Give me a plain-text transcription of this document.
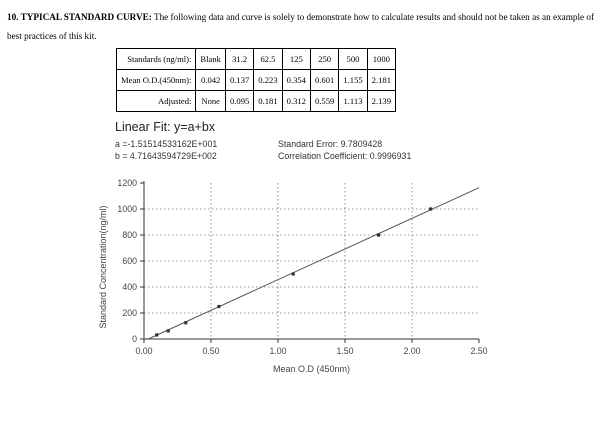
10. TYPICAL STANDARD CURVE: The following data and curve is solely to demonstrate how to calculate results and should not be taken as an example of best practices of this kit.
Standards (ng/ml):	Blank	31.2	62.5	125	250	500	1000
Mean O.D.(450nm):	0.042	0.137	0.223	0.354	0.601	1.155	2.181
Adjusted:	None	0.095	0.181	0.312	0.559	1.113	2.139
Linear Fit: y=a+bx
a =-1.51514533162E+001
b = 4.71643594729E+002
Standard Error: 9.7809428
Correlation Coefficient: 0.9996931
0
200
400
600
800
1000
1200
0.00	0.50	1.00	1.50	2.00	2.50
Mean O.D (450nm)
Standard Concentration(ng/ml)
